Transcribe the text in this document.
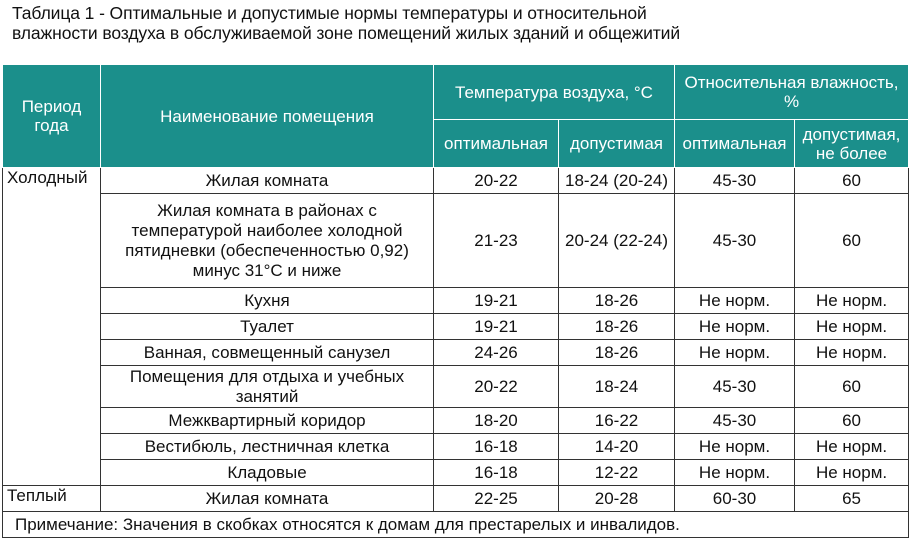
Таблица 1 - Оптимальные и допустимые нормы температуры и относительной
влажности воздуха в обслуживаемой зоне помещений жилых зданий и общежитий
Период года	Наименование помещения	Температура воздуха, °С		Относительная влажность, %	
		оптимальная	допустимая	оптимальная	допустимая, не более
Холодный	Жилая комната	20-22	18-24 (20-24)	45-30	60
	Жилая комната в районах с температурой наиболее холодной пятидневки (обеспеченностью 0,92) минус 31°С и ниже	21-23	20-24 (22-24)	45-30	60
	Кухня	19-21	18-26	Не норм.	Не норм.
	Туалет	19-21	18-26	Не норм.	Не норм.
	Ванная, совмещенный санузел	24-26	18-26	Не норм.	Не норм.
	Помещения для отдыха и учебных занятий	20-22	18-24	45-30	60
	Межквартирный коридор	18-20	16-22	45-30	60
	Вестибюль, лестничная клетка	16-18	14-20	Не норм.	Не норм.
	Кладовые	16-18	12-22	Не норм.	Не норм.
Теплый	Жилая комната	22-25	20-28	60-30	65
Примечание: Значения в скобках относятся к домам для престарелых и инвалидов.					
